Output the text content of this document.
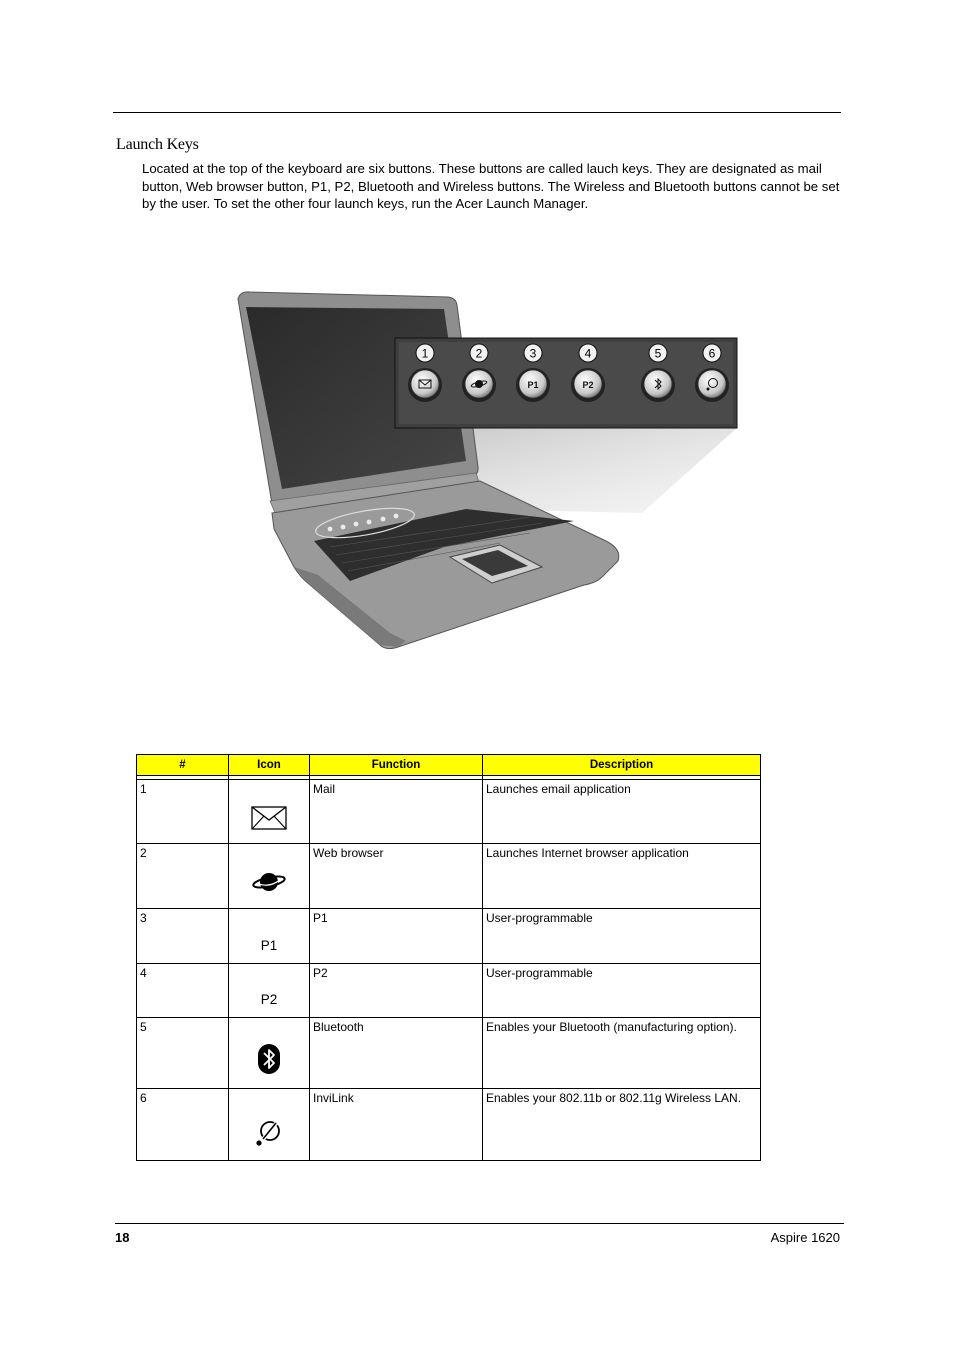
Launch Keys

Located at the top of the keyboard are six buttons. These buttons are called lauch keys. They are designated as mail button, Web browser button, P1, P2, Bluetooth and Wireless buttons. The Wireless and Bluetooth buttons cannot be set by the user. To set the other four launch keys, run the Acer Launch Manager.

1	2	3
P1
4
P2
5	6
#	Icon	Function	Description

1		Mail	Launches email application
2		Web browser	Launches Internet browser application
3	P1	P1	User-programmable
4	P2	P2	User-programmable
5		Bluetooth	Enables your Bluetooth (manufacturing option).
6		InviLink	Enables your 802.11b or 802.11g Wireless LAN.
18	Aspire 1620
